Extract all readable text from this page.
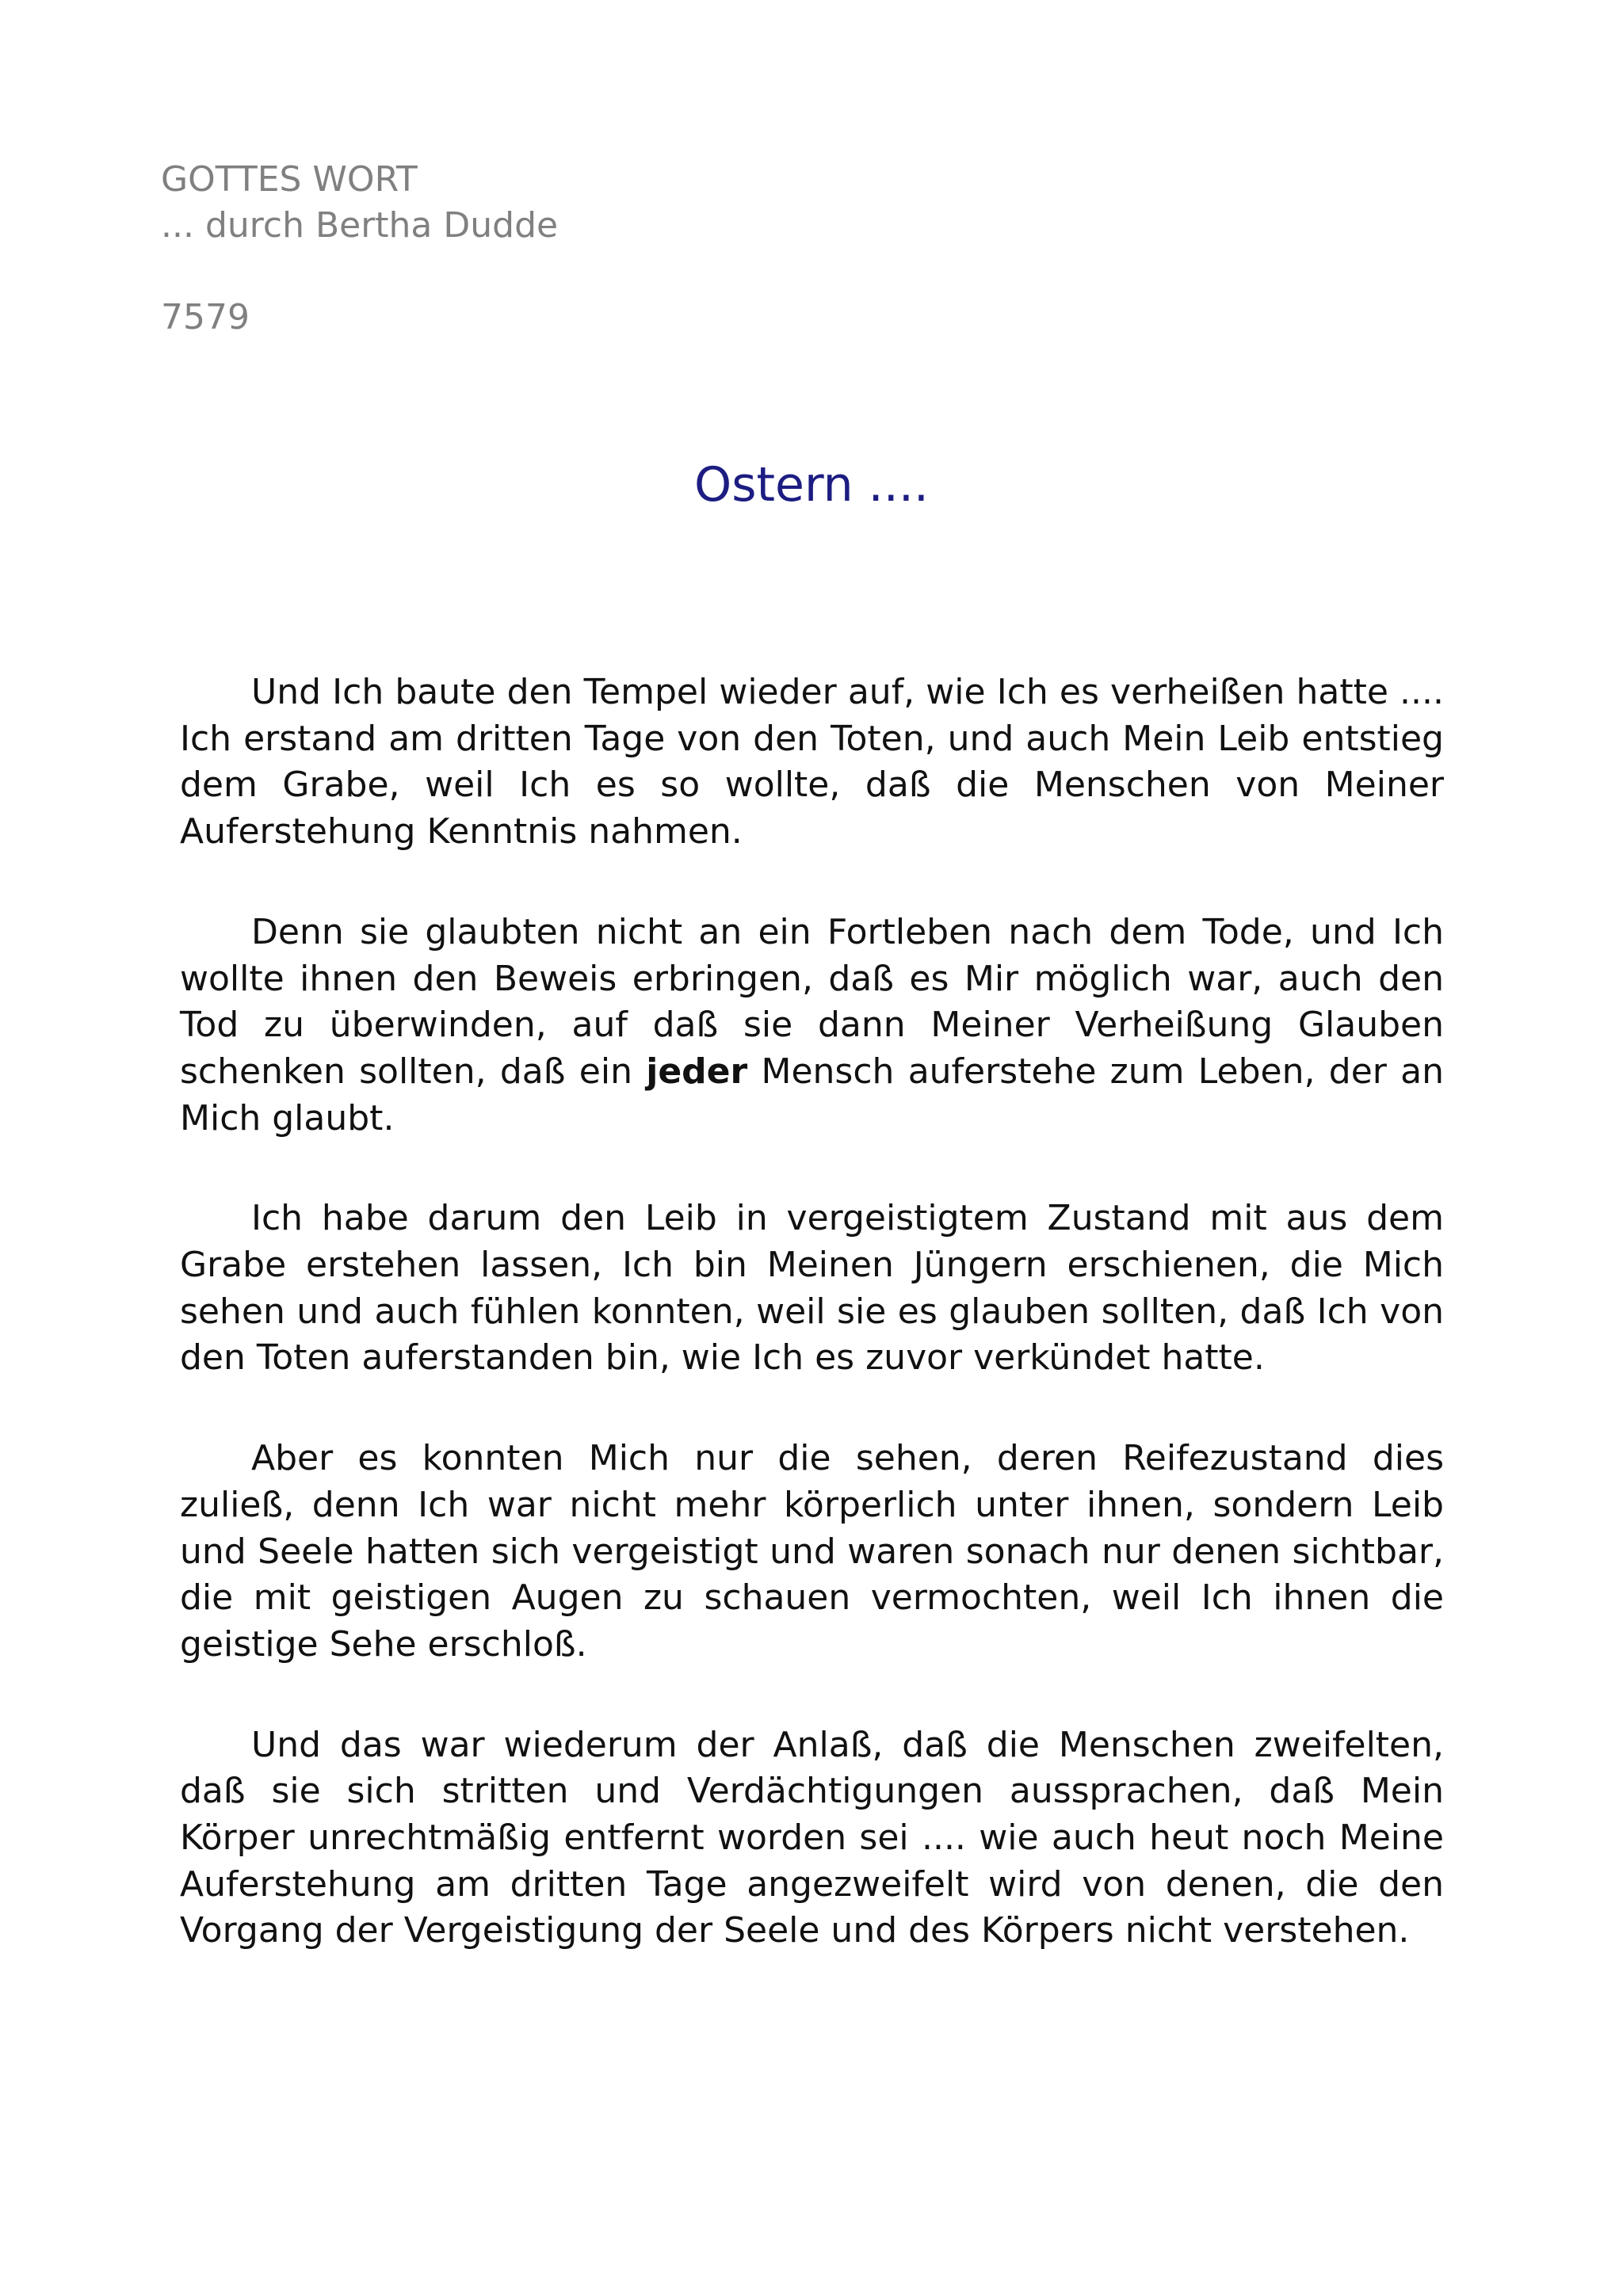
GOTTES WORT
... durch Bertha Dudde
7579
Ostern ....

Und Ich baute den Tempel wieder auf, wie Ich es verheißen hatte .... Ich erstand am dritten Tage von den Toten, und auch Mein Leib entstieg dem Grabe, weil Ich es so wollte, daß die Menschen von Meiner Auferstehung Kenntnis nahmen.

Denn sie glaubten nicht an ein Fortleben nach dem Tode, und Ich wollte ihnen den Beweis erbringen, daß es Mir möglich war, auch den Tod zu überwinden, auf daß sie dann Meiner Verheißung Glauben schenken sollten, daß ein jeder Mensch auferstehe zum Leben, der an Mich glaubt.

Ich habe darum den Leib in vergeistigtem Zustand mit aus dem Grabe erstehen lassen, Ich bin Meinen Jüngern erschienen, die Mich sehen und auch fühlen konnten, weil sie es glauben sollten, daß Ich von den Toten auferstanden bin, wie Ich es zuvor verkündet hatte.

Aber es konnten Mich nur die sehen, deren Reifezustand dies zuließ, denn Ich war nicht mehr körperlich unter ihnen, sondern Leib und Seele hatten sich vergeistigt und waren sonach nur denen sichtbar, die mit geistigen Augen zu schauen vermochten, weil Ich ihnen die geistige Sehe erschloß.

Und das war wiederum der Anlaß, daß die Menschen zweifelten, daß sie sich stritten und Verdächtigungen aussprachen, daß Mein Körper unrechtmäßig entfernt worden sei .... wie auch heut noch Meine Auferstehung am dritten Tage angezweifelt wird von denen, die den Vorgang der Vergeistigung der Seele und des Körpers nicht verstehen.
